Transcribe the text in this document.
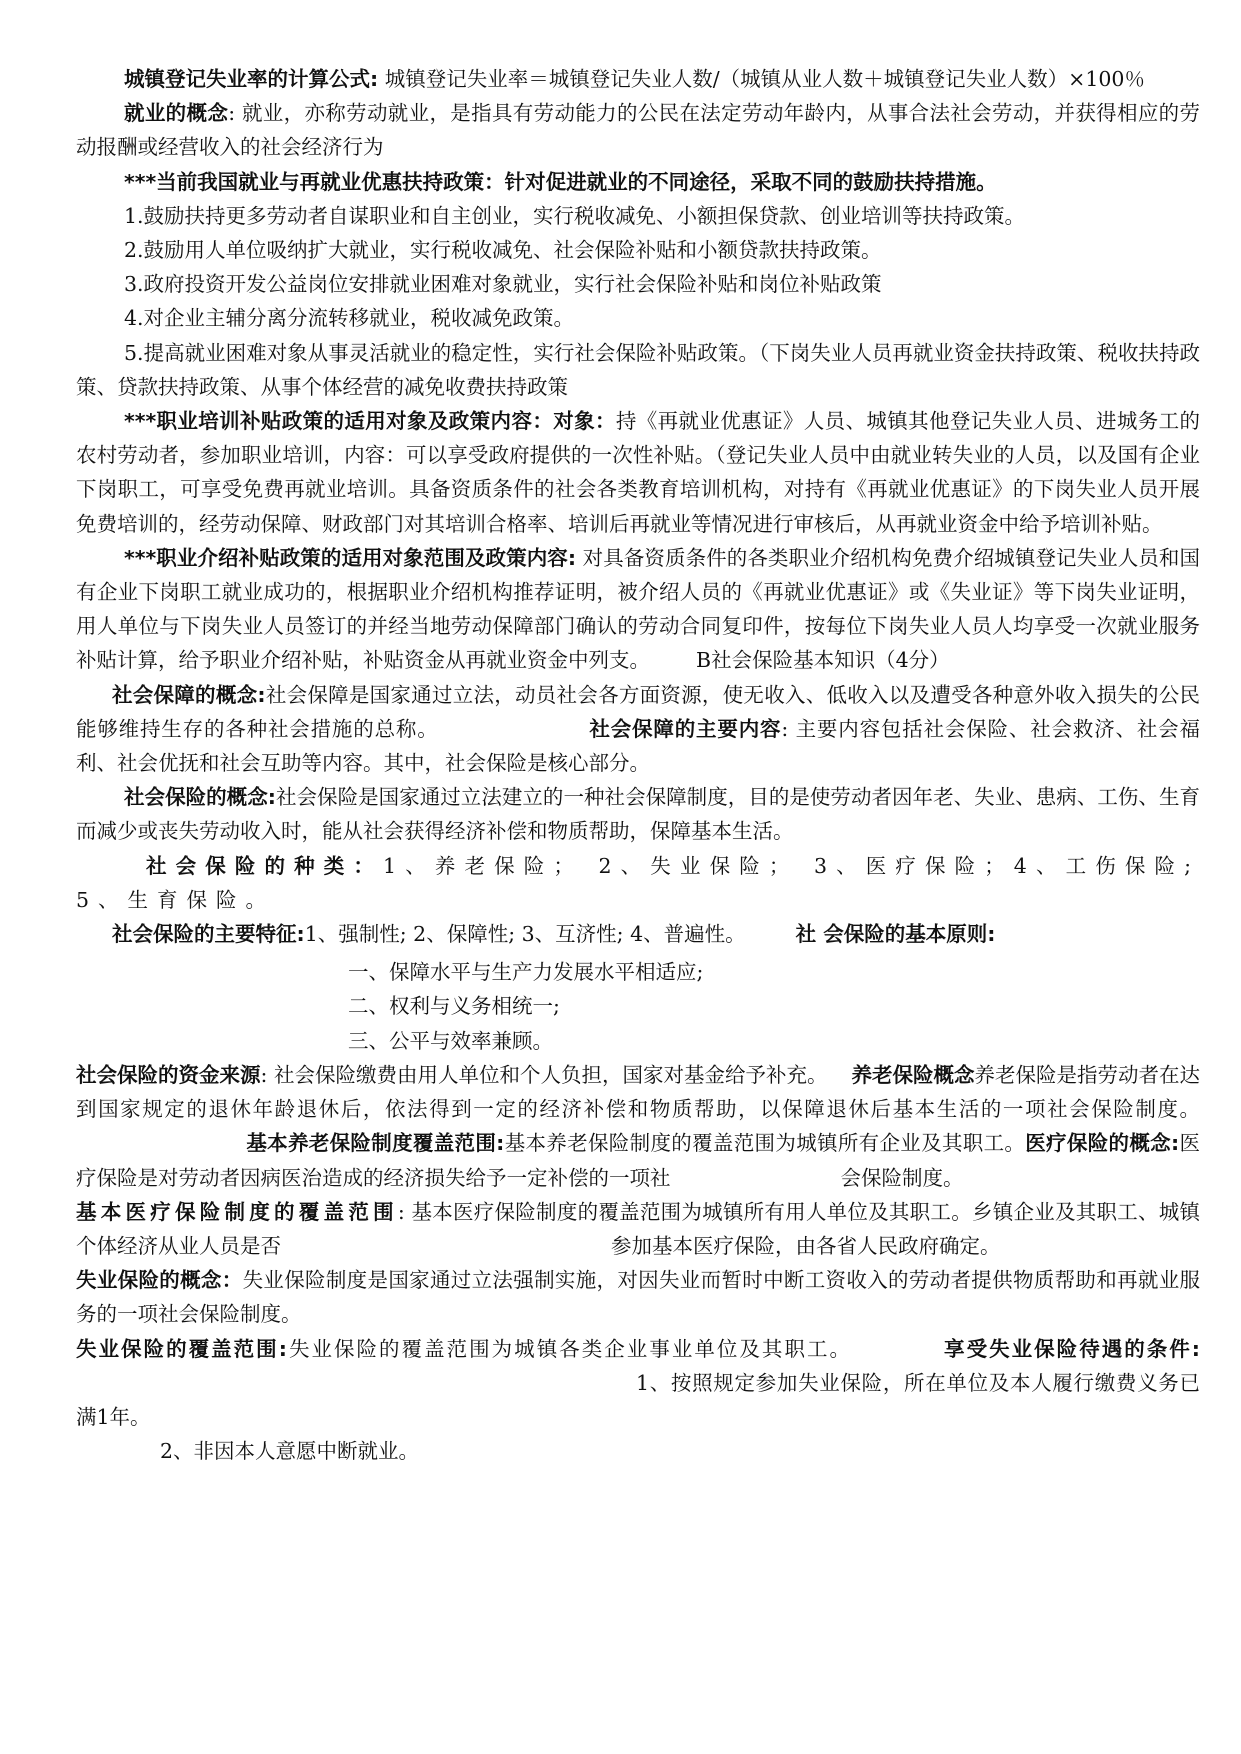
城镇登记失业率的计算公式: 城镇登记失业率＝城镇登记失业人数/（城镇从业人数＋城镇登记失业人数）×100％

就业的概念: 就业，亦称劳动就业，是指具有劳动能力的公民在法定劳动年龄内，从事合法社会劳动，并获得相应的劳动报酬或经营收入的社会经济行为

***当前我国就业与再就业优惠扶持政策：针对促进就业的不同途径，采取不同的鼓励扶持措施。

1.鼓励扶持更多劳动者自谋职业和自主创业，实行税收减免、小额担保贷款、创业培训等扶持政策。

2.鼓励用人单位吸纳扩大就业，实行税收减免、社会保险补贴和小额贷款扶持政策。

3.政府投资开发公益岗位安排就业困难对象就业，实行社会保险补贴和岗位补贴政策

4.对企业主辅分离分流转移就业，税收减免政策。

5.提高就业困难对象从事灵活就业的稳定性，实行社会保险补贴政策。（下岗失业人员再就业资金扶持政策、税收扶持政策、贷款扶持政策、从事个体经营的减免收费扶持政策

***职业培训补贴政策的适用对象及政策内容：对象：持《再就业优惠证》人员、城镇其他登记失业人员、进城务工的农村劳动者，参加职业培训，内容：可以享受政府提供的一次性补贴。（登记失业人员中由就业转失业的人员，以及国有企业下岗职工，可享受免费再就业培训。具备资质条件的社会各类教育培训机构，对持有《再就业优惠证》的下岗失业人员开展免费培训的，经劳动保障、财政部门对其培训合格率、培训后再就业等情况进行审核后，从再就业资金中给予培训补贴。

***职业介绍补贴政策的适用对象范围及政策内容: 对具备资质条件的各类职业介绍机构免费介绍城镇登记失业人员和国有企业下岗职工就业成功的，根据职业介绍机构推荐证明，被介绍人员的《再就业优惠证》或《失业证》等下岗失业证明，用人单位与下岗失业人员签订的并经当地劳动保障部门确认的劳动合同复印件，按每位下岗失业人员人均享受一次就业服务补贴计算，给予职业介绍补贴，补贴资金从再就业资金中列支。 B社会保险基本知识（4分）

社会保障的概念:社会保障是国家通过立法，动员社会各方面资源，使无收入、低收入以及遭受各种意外收入损失的公民能够维持生存的各种社会措施的总称。	社会保障的主要内容: 主要内容包括社会保险、社会救济、社会福利、社会优抚和社会互助等内容。其中，社会保险是核心部分。

社会保险的概念:社会保险是国家通过立法建立的一种社会保障制度，目的是使劳动者因年老、失业、患病、工伤、生育而减少或丧失劳动收入时，能从社会获得经济补偿和物质帮助，保障基本生活。

社会保险的种类：1、养老保险； 2、失业保险； 3、医疗保险；4、工伤保险; 5、生育保险。

社会保险的主要特征:1、强制性; 2、保障性; 3、互济性; 4、普遍性。 社 会保险的基本原则:

一、保障水平与生产力发展水平相适应;

二、权利与义务相统一;

三、公平与效率兼顾。

社会保险的资金来源: 社会保险缴费由用人单位和个人负担，国家对基金给予补充。 养老保险概念养老保险是指劳动者在达到国家规定的退休年龄退休后，依法得到一定的经济补偿和物质帮助，以保障退休后基本生活的一项社会保险制度。基本养老保险制度覆盖范围:基本养老保险制度的覆盖范围为城镇所有企业及其职工。医疗保险的概念:医疗保险是对劳动者因病医治造成的经济损失给予一定补偿的一项社	会保险制度。

基本医疗保险制度的覆盖范围: 基本医疗保险制度的覆盖范围为城镇所有用人单位及其职工。乡镇企业及其职工、城镇个体经济从业人员是否	参加基本医疗保险，由各省人民政府确定。

失业保险的概念：失业保险制度是国家通过立法强制实施，对因失业而暂时中断工资收入的劳动者提供物质帮助和再就业服务的一项社会保险制度。

失业保险的覆盖范围:失业保险的覆盖范围为城镇各类企业事业单位及其职工。	享受失业保险待遇的条件:1、按照规定参加失业保险，所在单位及本人履行缴费义务已满1年。

2、非因本人意愿中断就业。
